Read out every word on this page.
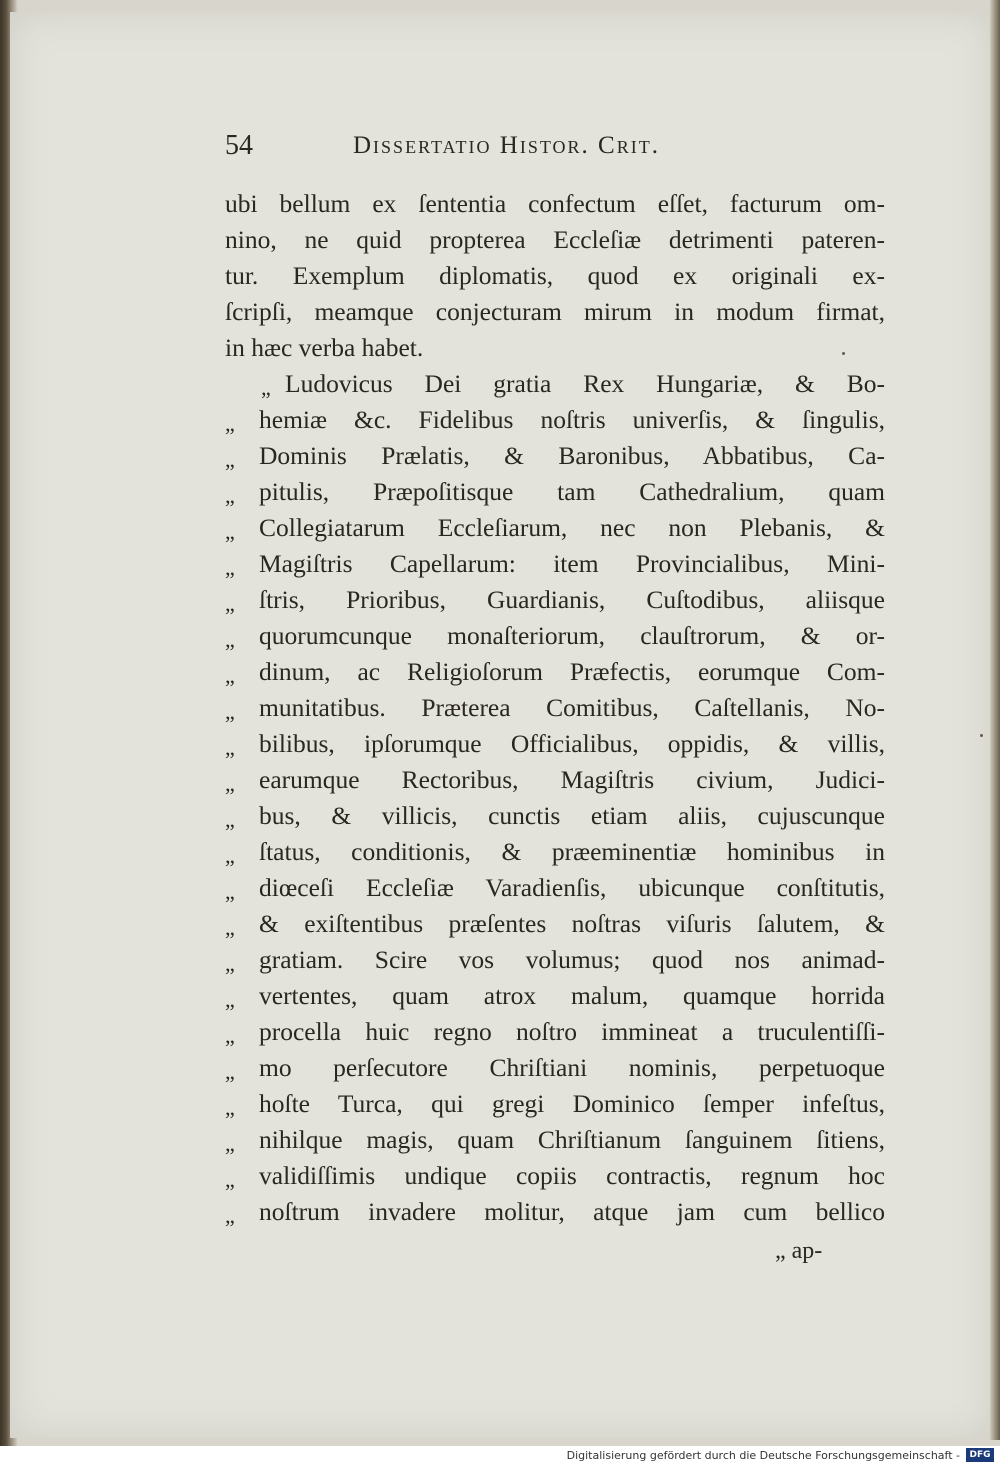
54	Dissertatio Histor. Crit.
ubi bellum ex ſententia confectum eſſet, facturum om-
nino, ne quid propterea Eccleſiæ detrimenti pateren-
tur. Exemplum diplomatis, quod ex originali ex-
ſcripſi, meamque conjecturam mirum in modum firmat,
in hæc verba habet.
„ Ludovicus Dei gratia Rex Hungariæ, & Bo-
„ hemiæ &c. Fidelibus noſtris univerſis, & ſingulis,
„ Dominis Prælatis, & Baronibus, Abbatibus, Ca-
„ pitulis, Præpoſitisque tam Cathedralium, quam
„ Collegiatarum Eccleſiarum, nec non Plebanis, &
„ Magiſtris Capellarum: item Provincialibus, Mini-
„ ſtris, Prioribus, Guardianis, Cuſtodibus, aliisque
„ quorumcunque monaſteriorum, clauſtrorum, & or-
„ dinum, ac Religioſorum Præfectis, eorumque Com-
„ munitatibus. Præterea Comitibus, Caſtellanis, No-
„ bilibus, ipſorumque Officialibus, oppidis, & villis,
„ earumque Rectoribus, Magiſtris civium, Judici-
„ bus, & villicis, cunctis etiam aliis, cujuscunque
„ ſtatus, conditionis, & præeminentiæ hominibus in
„ diœceſi Eccleſiæ Varadienſis, ubicunque conſtitutis,
„ & exiſtentibus præſentes noſtras viſuris ſalutem, &
„ gratiam. Scire vos volumus; quod nos animad-
„ vertentes, quam atrox malum, quamque horrida
„ procella huic regno noſtro immineat a truculentiſſi-
„ mo perſecutore Chriſtiani nominis, perpetuoque
„ hoſte Turca, qui gregi Dominico ſemper infeſtus,
„ nihilque magis, quam Chriſtianum ſanguinem ſitiens,
„ validiſſimis undique copiis contractis, regnum hoc
„ noſtrum invadere molitur, atque jam cum bellico
„ ap-
Digitalisierung gefördert durch die Deutsche Forschungsgemeinschaft -	DFG
